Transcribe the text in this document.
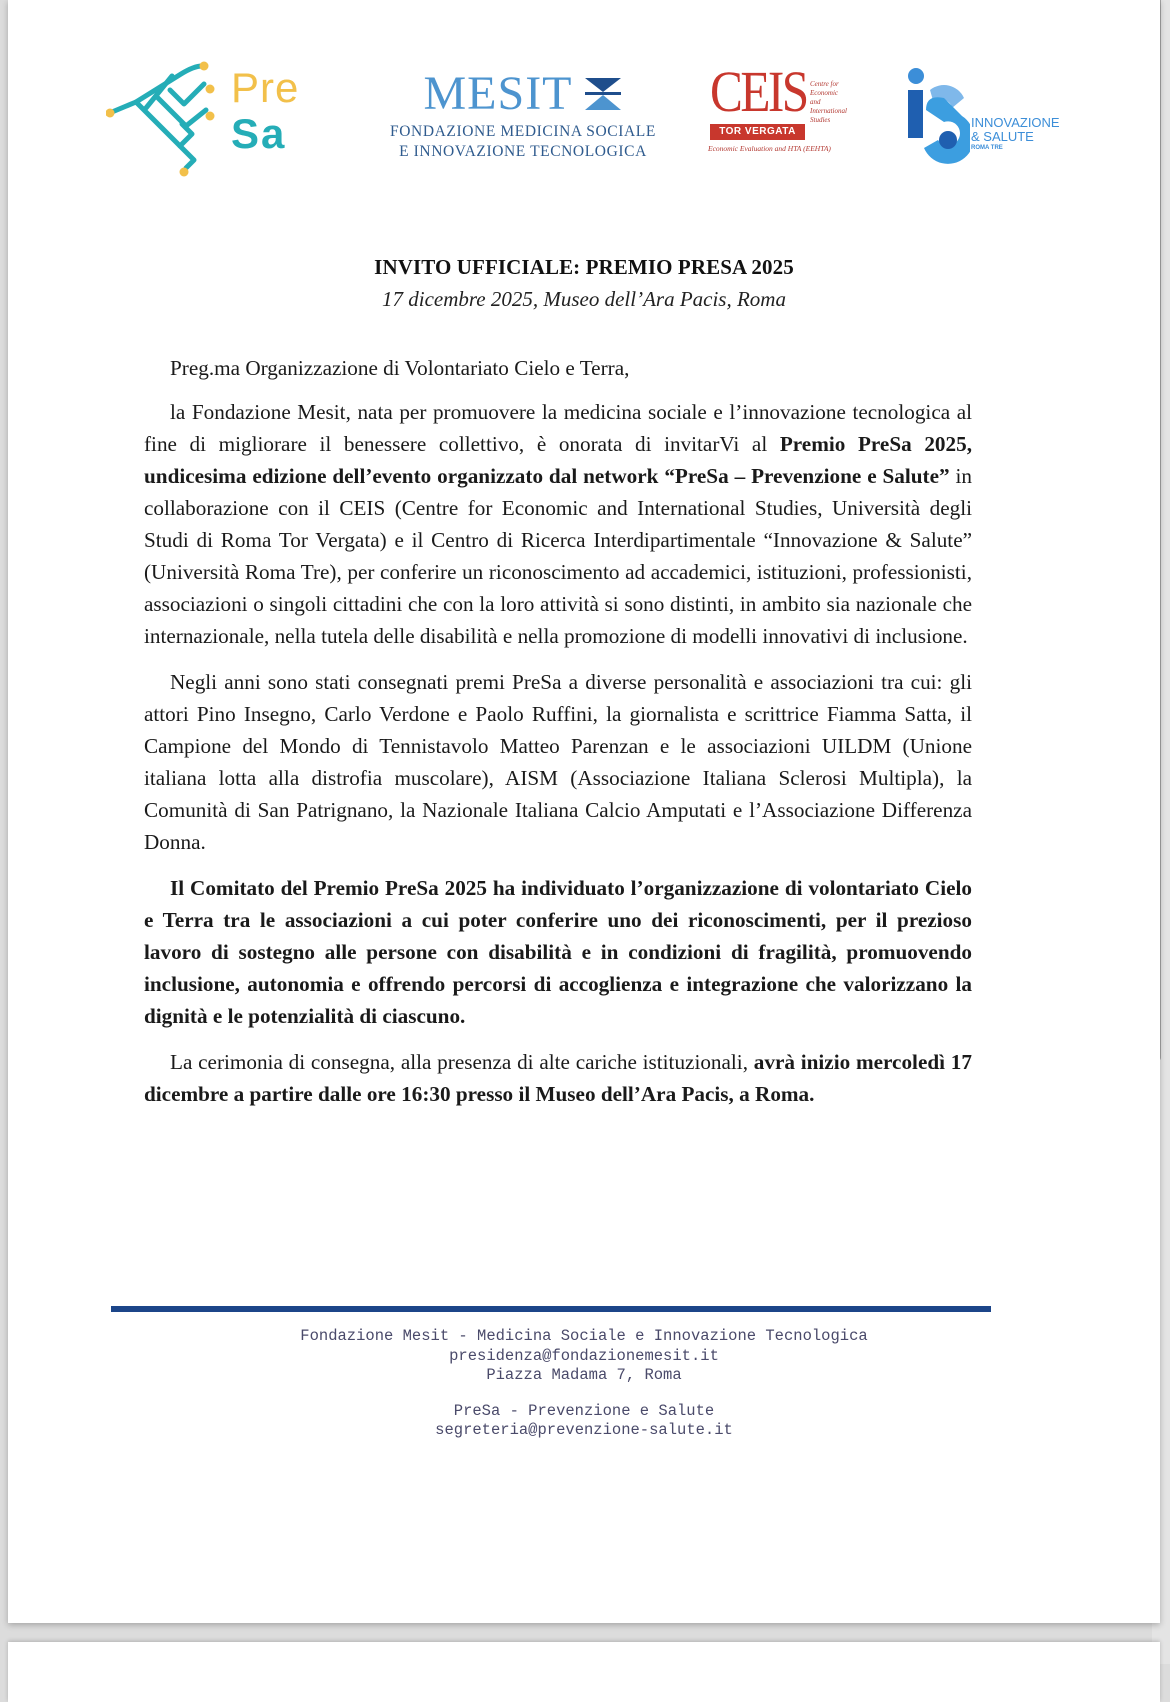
Pre
Sa
MESIT
FONDAZIONE MEDICINA SOCIALE
E INNOVAZIONE TECNOLOGICA
CEIS Centre for
Economic
and
International
Studies
TOR VERGATA
Economic Evaluation and HTA (EEHTA)
INNOVAZIONE
& SALUTE
ROMA TRE
INVITO UFFICIALE: PREMIO PRESA 2025
17 dicembre 2025, Museo dell’Ara Pacis, Roma

Preg.ma Organizzazione di Volontariato Cielo e Terra,

la Fondazione Mesit, nata per promuovere la medicina sociale e l’innovazione tecnologica al fine di migliorare il benessere collettivo, è onorata di invitarVi al Premio PreSa 2025, undicesima edizione dell’evento organizzato dal network “PreSa – Prevenzione e Salute” in collaborazione con il CEIS (Centre for Economic and International Studies, Università degli Studi di Roma Tor Vergata) e il Centro di Ricerca Interdipartimentale “Innovazione & Salute” (Università Roma Tre), per conferire un riconoscimento ad accademici, istituzioni, professionisti, associazioni o singoli cittadini che con la loro attività si sono distinti, in ambito sia nazionale che internazionale, nella tutela delle disabilità e nella promozione di modelli innovativi di inclusione.

Negli anni sono stati consegnati premi PreSa a diverse personalità e associazioni tra cui: gli attori Pino Insegno, Carlo Verdone e Paolo Ruffini, la giornalista e scrittrice Fiamma Satta, il Campione del Mondo di Tennistavolo Matteo Parenzan e le associazioni UILDM (Unione italiana lotta alla distrofia muscolare), AISM (Associazione Italiana Sclerosi Multipla), la Comunità di San Patrignano, la Nazionale Italiana Calcio Amputati e l’Associazione Differenza Donna.

Il Comitato del Premio PreSa 2025 ha individuato l’organizzazione di volontariato Cielo e Terra tra le associazioni a cui poter conferire uno dei riconoscimenti, per il prezioso lavoro di sostegno alle persone con disabilità e in condizioni di fragilità, promuovendo inclusione, autonomia e offrendo percorsi di accoglienza e integrazione che valorizzano la dignità e le potenzialità di ciascuno.

La cerimonia di consegna, alla presenza di alte cariche istituzionali, avrà inizio mercoledì 17 dicembre a partire dalle ore 16:30 presso il Museo dell’Ara Pacis, a Roma.

Fondazione Mesit - Medicina Sociale e Innovazione Tecnologica
presidenza@fondazionemesit.it
Piazza Madama 7, Roma
PreSa - Prevenzione e Salute
segreteria@prevenzione-salute.it
